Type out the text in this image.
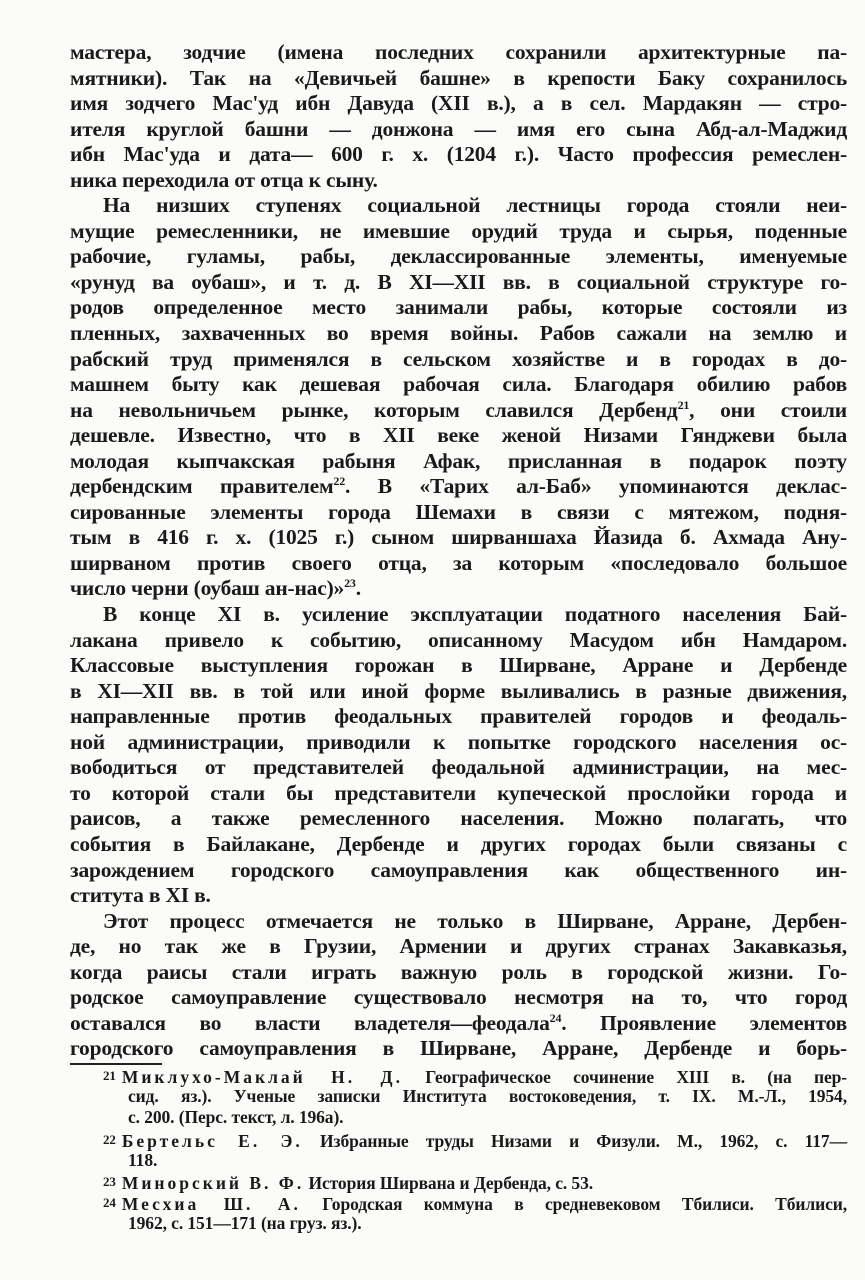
мастера, зодчие (имена последних сохранили архитектурные па-
мятники). Так на «Девичьей башне» в крепости Баку сохранилось
имя зодчего Мас'уд ибн Давуда (XII в.), а в сел. Мардакян — стро-
ителя круглой башни — донжона — имя его сына Абд-ал-Маджид
ибн Мас'уда и дата— 600 г. х. (1204 г.). Часто профессия ремеслен-
ника переходила от отца к сыну.
На низших ступенях социальной лестницы города стояли неи-
мущие ремесленники, не имевшие орудий труда и сырья, поденные
рабочие, гуламы, рабы, деклассированные элементы, именуемые
«рунуд ва оубаш», и т. д. В XI—XII вв. в социальной структуре го-
родов определенное место занимали рабы, которые состояли из
пленных, захваченных во время войны. Рабов сажали на землю и
рабский труд применялся в сельском хозяйстве и в городах в до-
машнем быту как дешевая рабочая сила. Благодаря обилию рабов
на невольничьем рынке, которым славился Дербенд$^{21}$, они стоили
дешевле. Известно, что в XII веке женой Низами Гянджеви была
молодая кыпчакская рабыня Афак, присланная в подарок поэту
дербендским правителем$^{22}$. В «Тарих ал-Баб» упоминаются деклас-
сированные элементы города Шемахи в связи с мятежом, подня-
тым в 416 г. х. (1025 г.) сыном ширваншаха Йазида б. Ахмада Ану-
ширваном против своего отца, за которым «последовало большое
число черни (оубаш ан-нас)»$^{23}$.
В конце XI в. усиление эксплуатации податного населения Бай-
лакана привело к событию, описанному Масудом ибн Намдаром.
Классовые выступления горожан в Ширване, Арране и Дербенде
в XI—XII вв. в той или иной форме выливались в разные движения,
направленные против феодальных правителей городов и феодаль-
ной администрации, приводили к попытке городского населения ос-
вободиться от представителей феодальной администрации, на мес-
то которой стали бы представители купеческой прослойки города и
раисов, а также ремесленного населения. Можно полагать, что
события в Байлакане, Дербенде и других городах были связаны с
зарождением городского самоуправления как общественного ин-
ститута в XI в.
Этот процесс отмечается не только в Ширване, Арране, Дербен-
де, но так же в Грузии, Армении и других странах Закавказья,
когда раисы стали играть важную роль в городской жизни. Го-
родское самоуправление существовало несмотря на то, что город
оставался во власти владетеля—феодала$^{24}$. Проявление элементов
городского самоуправления в Ширване, Арране, Дербенде и борь-
21 Миклухо-Маклай Н. Д. Географическое сочинение XIII в. (на пер-
сид. яз.). Ученые записки Института востоковедения, т. IX. М.-Л., 1954,
с. 200. (Перс. текст, л. 196а).
22 Бертельс Е. Э. Избранные труды Низами и Физули. М., 1962, с. 117—
118.
23 Минорский В. Ф. История Ширвана и Дербенда, с. 53.
24 Месхиа Ш. А. Городская коммуна в средневековом Тбилиси. Тбилиси,
1962, с. 151—171 (на груз. яз.).
